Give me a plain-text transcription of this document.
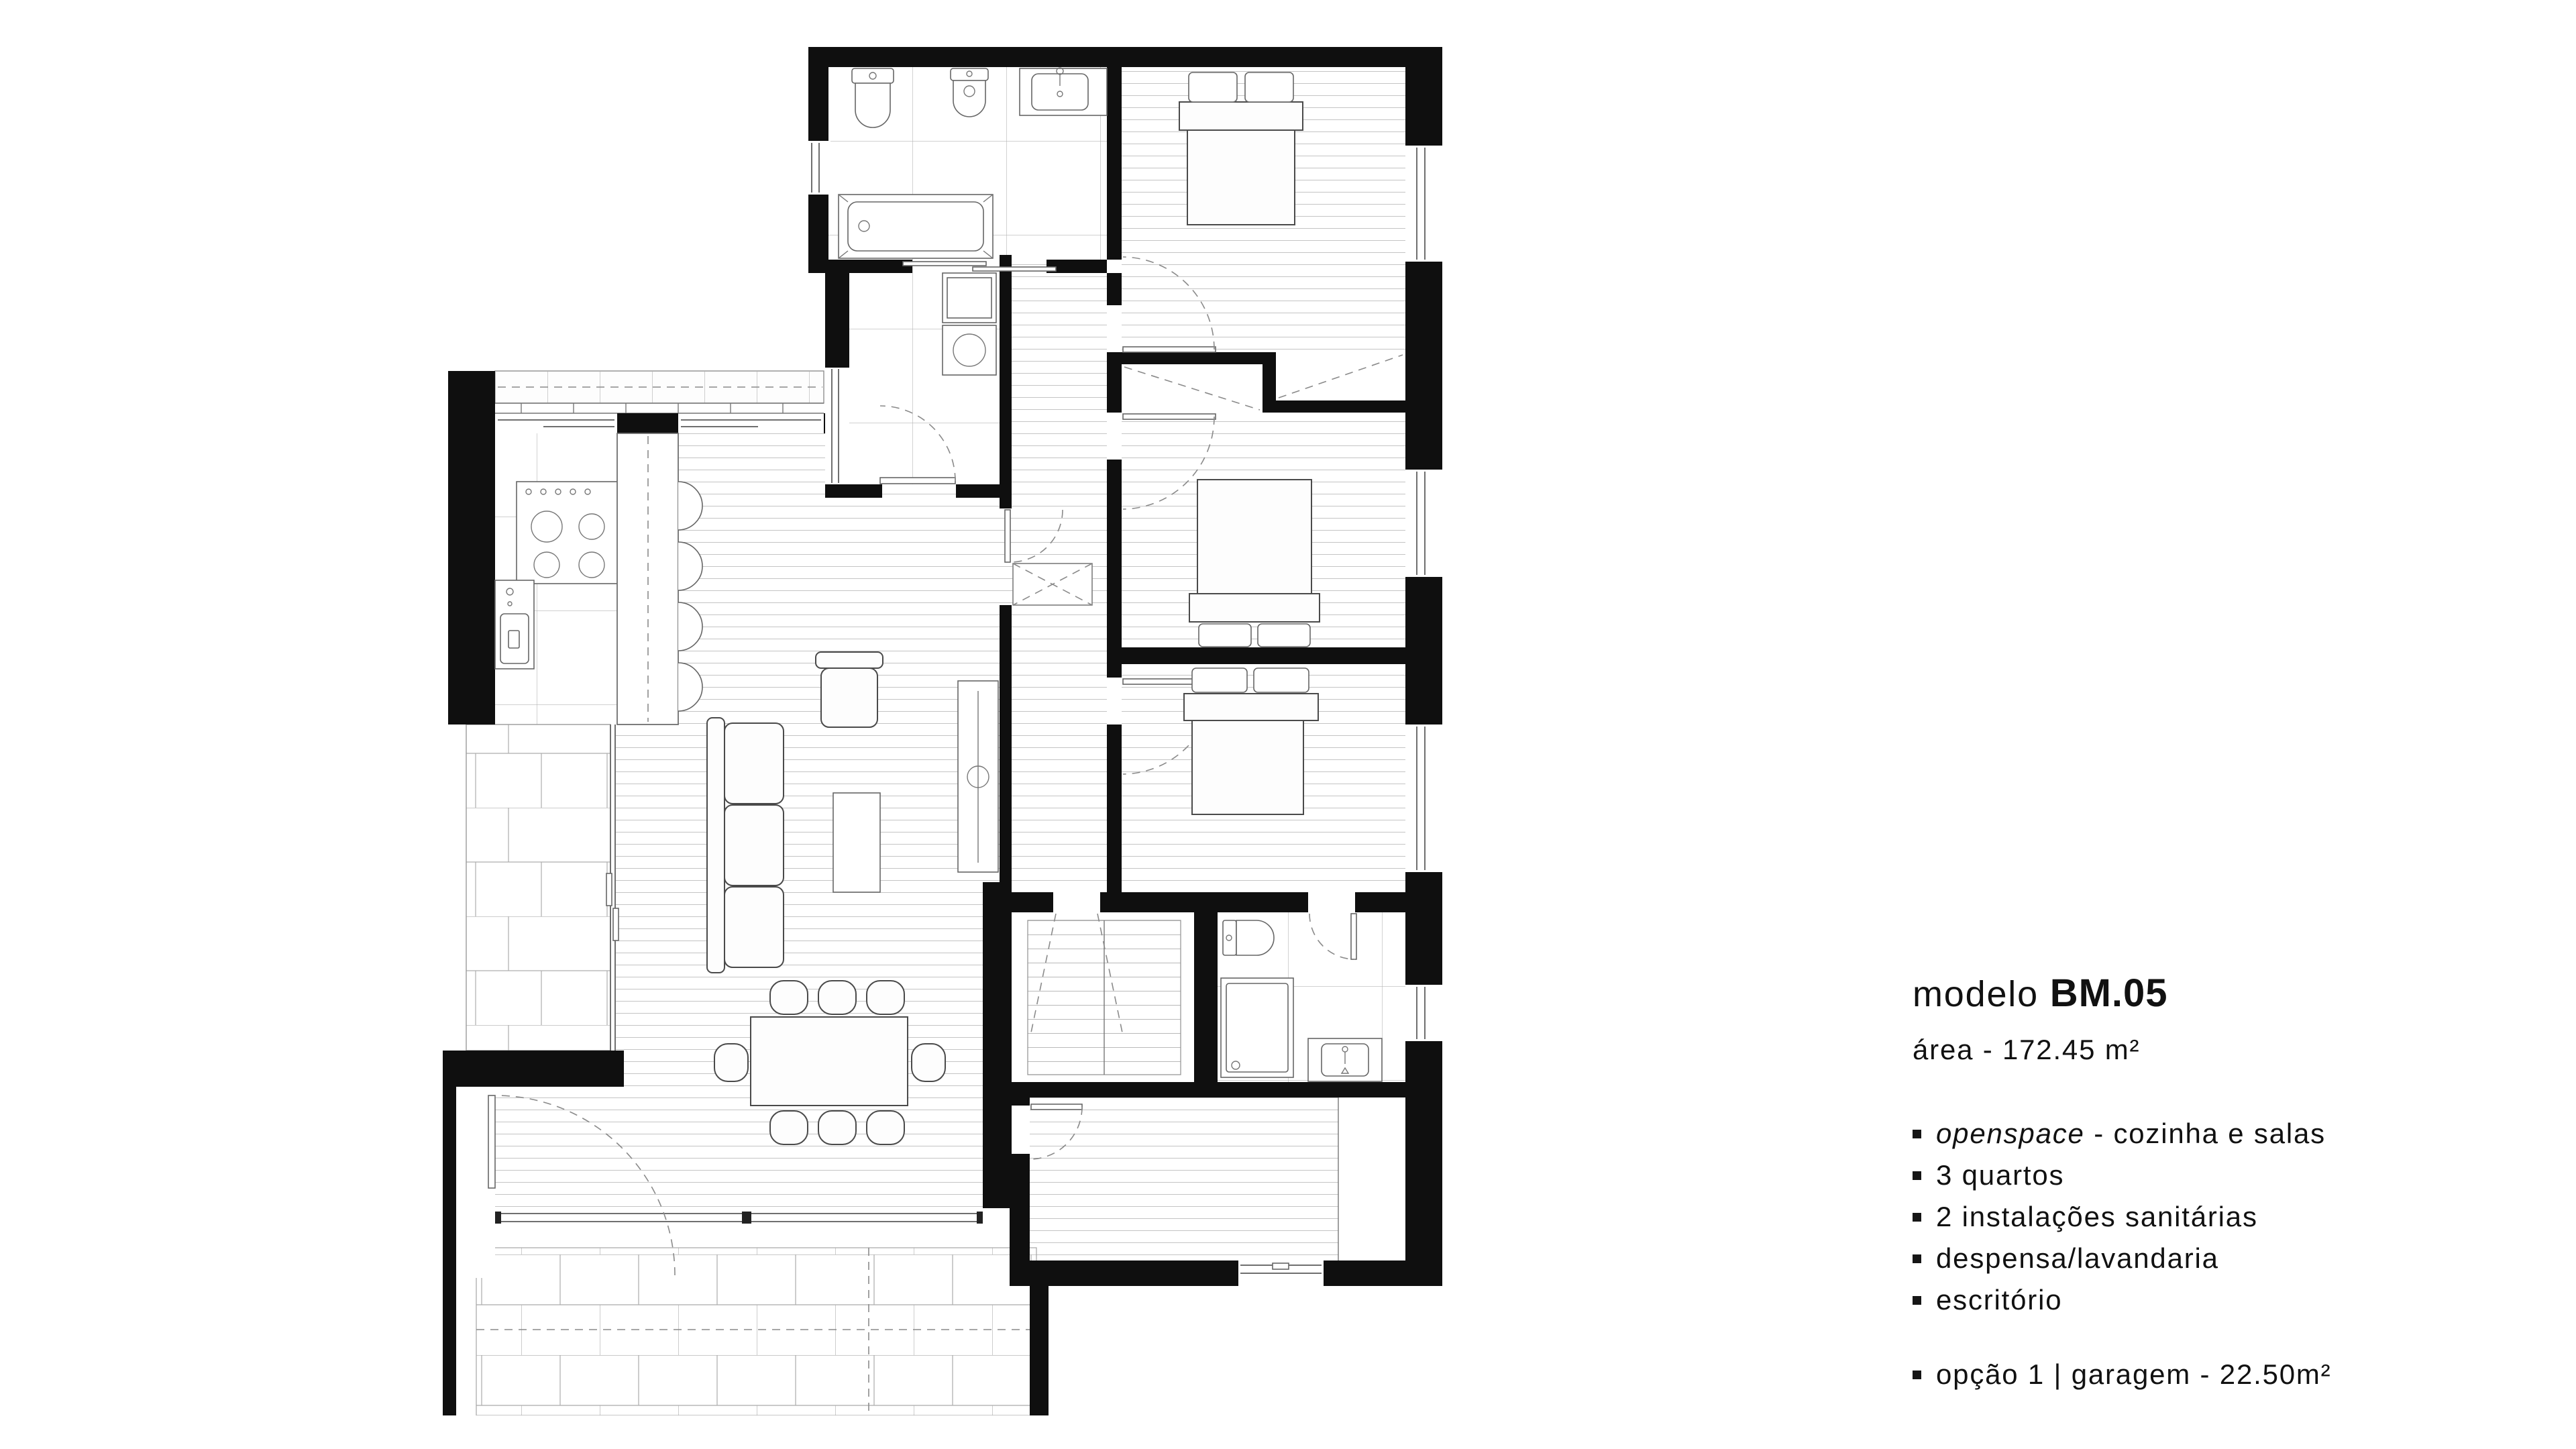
modelo BM.05
área - 172.45 m²
openspace - cozinha e salas
3 quartos
2 instalações sanitárias
despensa/lavandaria
escritório
opção 1 | garagem - 22.50m²
